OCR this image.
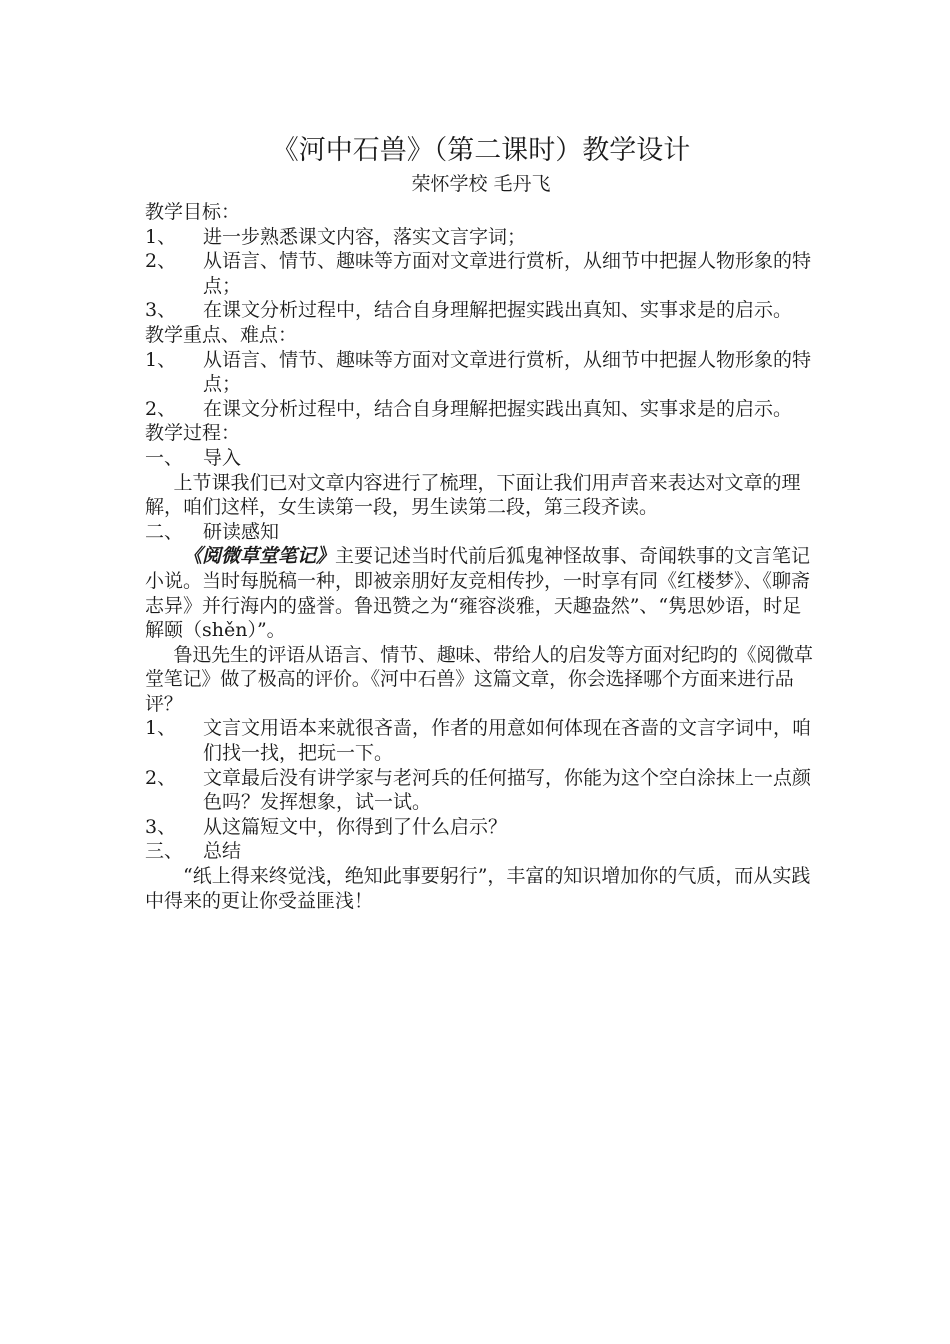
《河中石兽》（第二课时）教学设计

荣怀学校 毛丹飞

教学目标：

1、	进一步熟悉课文内容，落实文言字词；
2、	从语言、情节、趣味等方面对文章进行赏析，从细节中把握人物形象的特点；
3、	在课文分析过程中，结合自身理解把握实践出真知、实事求是的启示。

教学重点、难点：

1、	从语言、情节、趣味等方面对文章进行赏析，从细节中把握人物形象的特点；
2、	在课文分析过程中，结合自身理解把握实践出真知、实事求是的启示。

教学过程：

一、	导入

上节课我们已对文章内容进行了梳理，下面让我们用声音来表达对文章的理解，咱们这样，女生读第一段，男生读第二段，第三段齐读。

二、	研读感知

《阅微草堂笔记》主要记述当时代前后狐鬼神怪故事、奇闻轶事的文言笔记小说。当时每脱稿一种，即被亲朋好友竞相传抄，一时享有同《红楼梦》、《聊斋志异》并行海内的盛誉。鲁迅赞之为“雍容淡雅，天趣盎然”、“隽思妙语，时足解颐（shěn）”。

鲁迅先生的评语从语言、情节、趣味、带给人的启发等方面对纪昀的《阅微草堂笔记》做了极高的评价。《河中石兽》这篇文章，你会选择哪个方面来进行品评？

1、	文言文用语本来就很吝啬，作者的用意如何体现在吝啬的文言字词中，咱们找一找，把玩一下。
2、	文章最后没有讲学家与老河兵的任何描写，你能为这个空白涂抹上一点颜色吗？发挥想象，试一试。
3、	从这篇短文中，你得到了什么启示？
三、	总结

“纸上得来终觉浅，绝知此事要躬行”，丰富的知识增加你的气质，而从实践中得来的更让你受益匪浅！
